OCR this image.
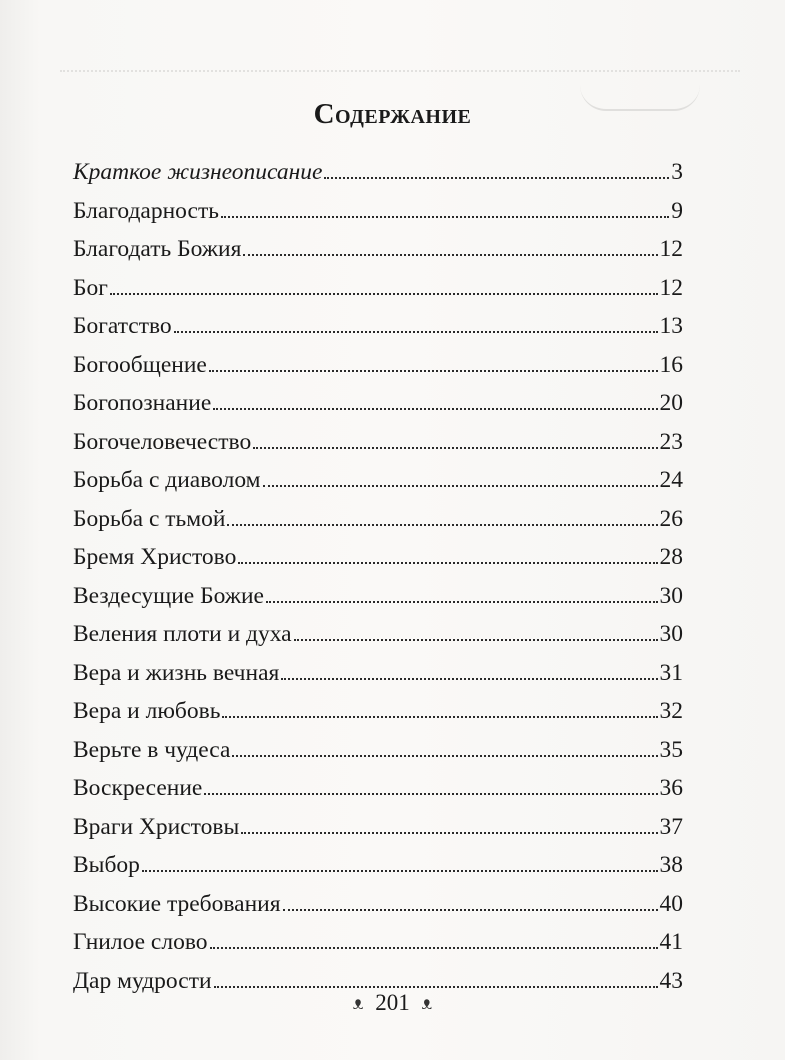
Содержание
Краткое жизнеописание	3
Благодарность	9
Благодать Божия	12
Бог	12
Богатство	13
Богообщение	16
Богопознание	20
Богочеловечество	23
Борьба с диаволом	24
Борьба с тьмой	26
Бремя Христово	28
Вездесущие Божие	30
Веления плоти и духа	30
Вера и жизнь вечная	31
Вера и любовь	32
Верьте в чудеса	35
Воскресение	36
Враги Христовы	37
Выбор	38
Высокие требования	40
Гнилое слово	41
Дар мудрости	43
ᴥ 201 ᴥ
